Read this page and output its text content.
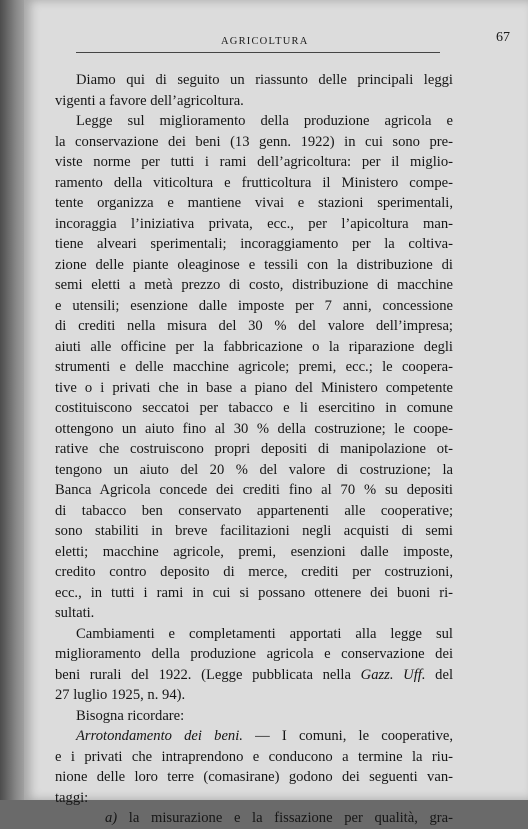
AGRICOLTURA	67
Diamo qui di seguito un riassunto delle principali leggi
vigenti a favore dell’agricoltura.
Legge sul miglioramento della produzione agricola e
la conservazione dei beni (13 genn. 1922) in cui sono pre-
viste norme per tutti i rami dell’agricoltura: per il miglio-
ramento della viticoltura e frutticoltura il Ministero compe-
tente organizza e mantiene vivai e stazioni sperimentali,
incoraggia l’iniziativa privata, ecc., per l’apicoltura man-
tiene alveari sperimentali; incoraggiamento per la coltiva-
zione delle piante oleaginose e tessili con la distribuzione di
semi eletti a metà prezzo di costo, distribuzione di macchine
e utensili; esenzione dalle imposte per 7 anni, concessione
di crediti nella misura del 30 % del valore dell’impresa;
aiuti alle officine per la fabbricazione o la riparazione degli
strumenti e delle macchine agricole; premi, ecc.; le coopera-
tive o i privati che in base a piano del Ministero competente
costituiscono seccatoi per tabacco e li esercitino in comune
ottengono un aiuto fino al 30 % della costruzione; le coope-
rative che costruiscono propri depositi di manipolazione ot-
tengono un aiuto del 20 % del valore di costruzione; la
Banca Agricola concede dei crediti fino al 70 % su depositi
di tabacco ben conservato appartenenti alle cooperative;
sono stabiliti in breve facilitazioni negli acquisti di semi
eletti; macchine agricole, premi, esenzioni dalle imposte,
credito contro deposito di merce, crediti per costruzioni,
ecc., in tutti i rami in cui si possano ottenere dei buoni ri-
sultati.
Cambiamenti e completamenti apportati alla legge sul
miglioramento della produzione agricola e conservazione dei
beni rurali del 1922. (Legge pubblicata nella Gazz. Uff. del
27 luglio 1925, n. 94).
Bisogna ricordare:
Arrotondamento dei beni. — I comuni, le cooperative,
e i privati che intraprendono e conducono a termine la riu-
nione delle loro terre (comasirane) godono dei seguenti van-
taggi:
a) la misurazione e la fissazione per qualità, gra-
